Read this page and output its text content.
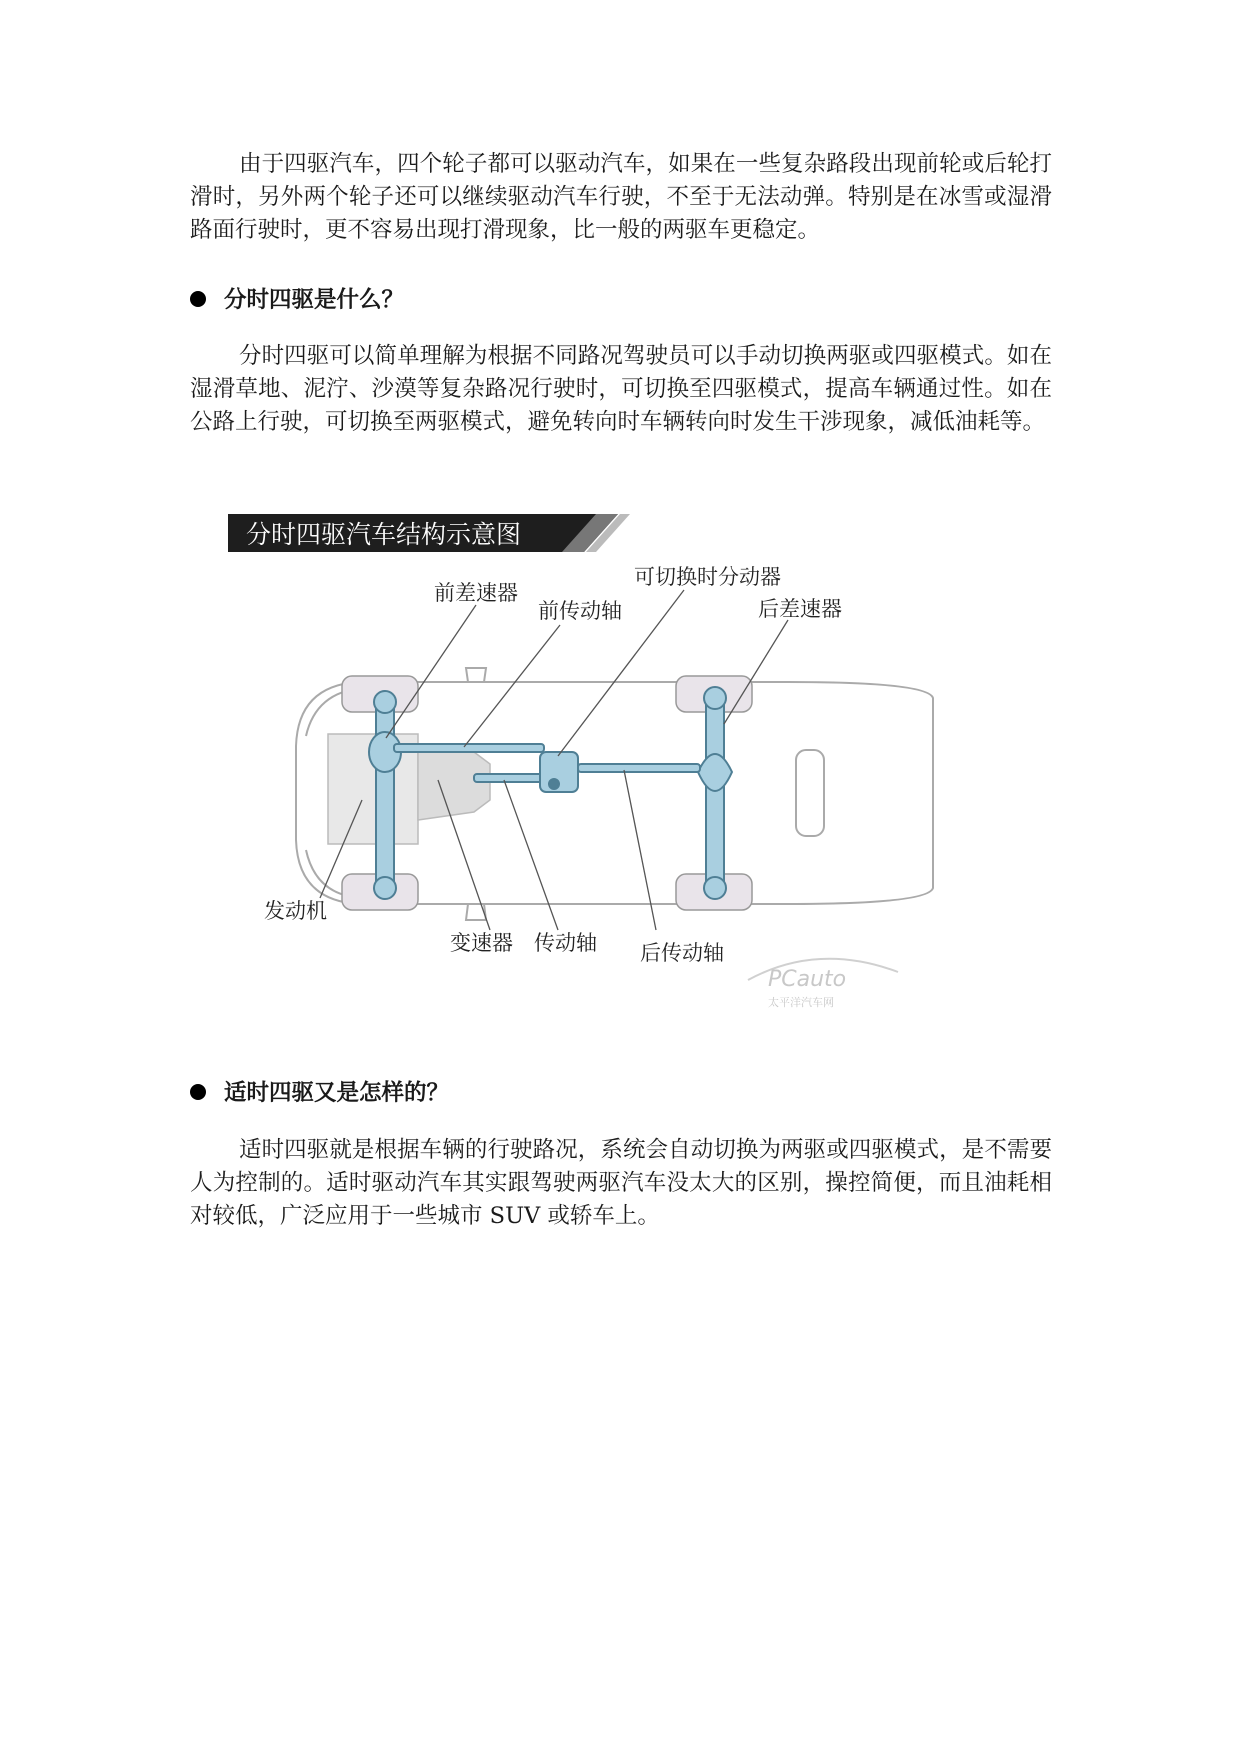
由于四驱汽车，四个轮子都可以驱动汽车，如果在一些复杂路段出现前轮或后轮打滑时，另外两个轮子还可以继续驱动汽车行驶，不至于无法动弹。特别是在冰雪或湿滑路面行驶时，更不容易出现打滑现象，比一般的两驱车更稳定。

分时四驱是什么？

分时四驱可以简单理解为根据不同路况驾驶员可以手动切换两驱或四驱模式。如在湿滑草地、泥泞、沙漠等复杂路况行驶时，可切换至四驱模式，提高车辆通过性。如在公路上行驶，可切换至两驱模式，避免转向时车辆转向时发生干涉现象，减低油耗等。

分时四驱汽车结构示意图
前差速器
前传动轴
可切换时分动器
后差速器
发动机
变速器 传动轴 后传动轴
PCauto
太平洋汽车网

适时四驱又是怎样的？

适时四驱就是根据车辆的行驶路况，系统会自动切换为两驱或四驱模式，是不需要人为控制的。适时驱动汽车其实跟驾驶两驱汽车没太大的区别，操控简便，而且油耗相对较低，广泛应用于一些城市 SUV 或轿车上。
